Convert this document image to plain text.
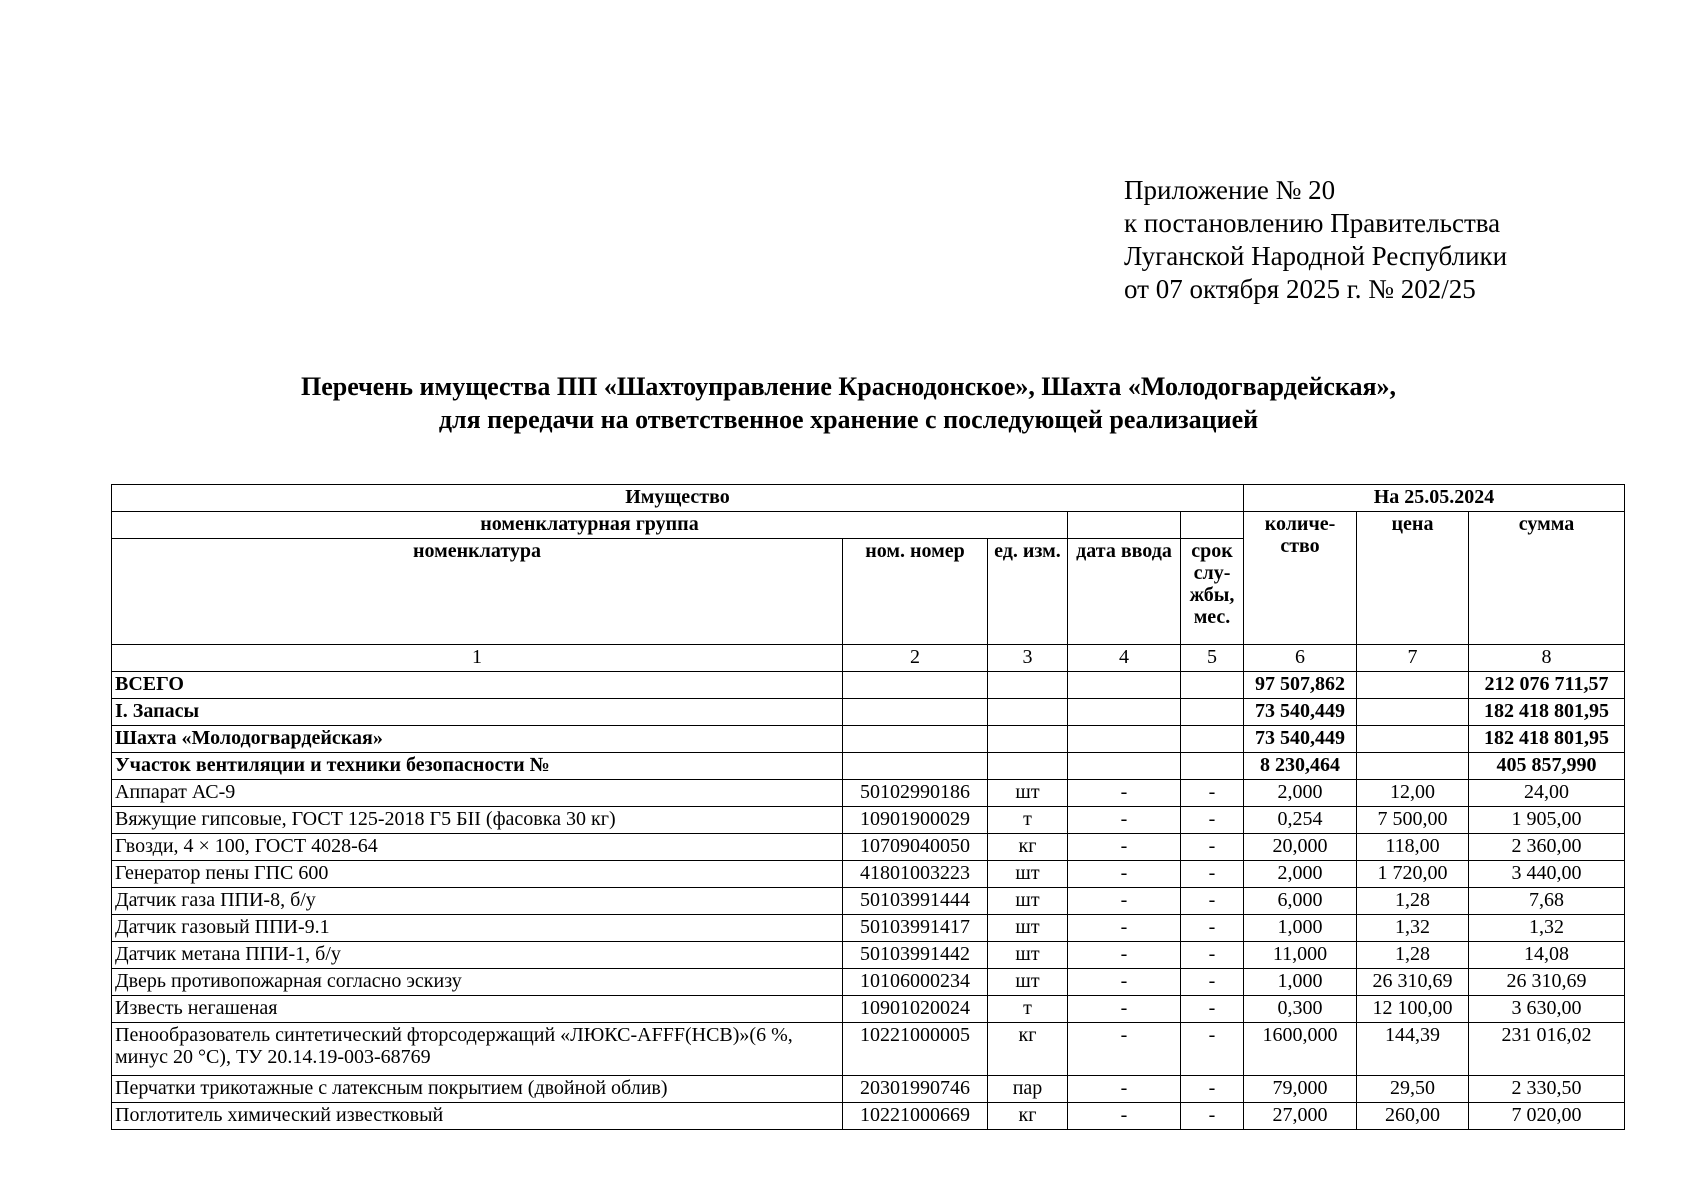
Приложение № 20
к постановлению Правительства
Луганской Народной Республики
от 07 октября 2025 г. № 202/25
Перечень имущества ПП «Шахтоуправление Краснодонское», Шахта «Молодогвардейская»,
для передачи на ответственное хранение с последующей реализацией
Имущество					На 25.05.2024		
номенклатурная группа					количе-ство	цена	сумма
номенклатура	ном. номер	ед. изм.	дата ввода	срок слу-жбы, мес.			
1	2	3	4	5	6	7	8
ВСЕГО					97 507,862		212 076 711,57
I. Запасы					73 540,449		182 418 801,95
Шахта «Молодогвардейская»					73 540,449		182 418 801,95
Участок вентиляции и техники безопасности №					8 230,464		405 857,990
Аппарат АС-9	50102990186	шт	-	-	2,000	12,00	24,00
Вяжущие гипсовые, ГОСТ 125-2018 Г5 БII (фасовка 30 кг)	10901900029	т	-	-	0,254	7 500,00	1 905,00
Гвозди, 4 × 100, ГОСТ 4028-64	10709040050	кг	-	-	20,000	118,00	2 360,00
Генератор пены ГПС 600	41801003223	шт	-	-	2,000	1 720,00	3 440,00
Датчик газа ППИ-8, б/у	50103991444	шт	-	-	6,000	1,28	7,68
Датчик газовый ППИ-9.1	50103991417	шт	-	-	1,000	1,32	1,32
Датчик метана ППИ-1, б/у	50103991442	шт	-	-	11,000	1,28	14,08
Дверь противопожарная согласно эскизу	10106000234	шт	-	-	1,000	26 310,69	26 310,69
Известь негашеная	10901020024	т	-	-	0,300	12 100,00	3 630,00
Пенообразователь синтетический фторсодержащий «ЛЮКС-AFFF(НСВ)»(6 %, минус 20 °С), ТУ 20.14.19-003-68769	10221000005	кг	-	-	1600,000	144,39	231 016,02
Перчатки трикотажные с латексным покрытием (двойной облив)	20301990746	пар	-	-	79,000	29,50	2 330,50
Поглотитель химический известковый	10221000669	кг	-	-	27,000	260,00	7 020,00
